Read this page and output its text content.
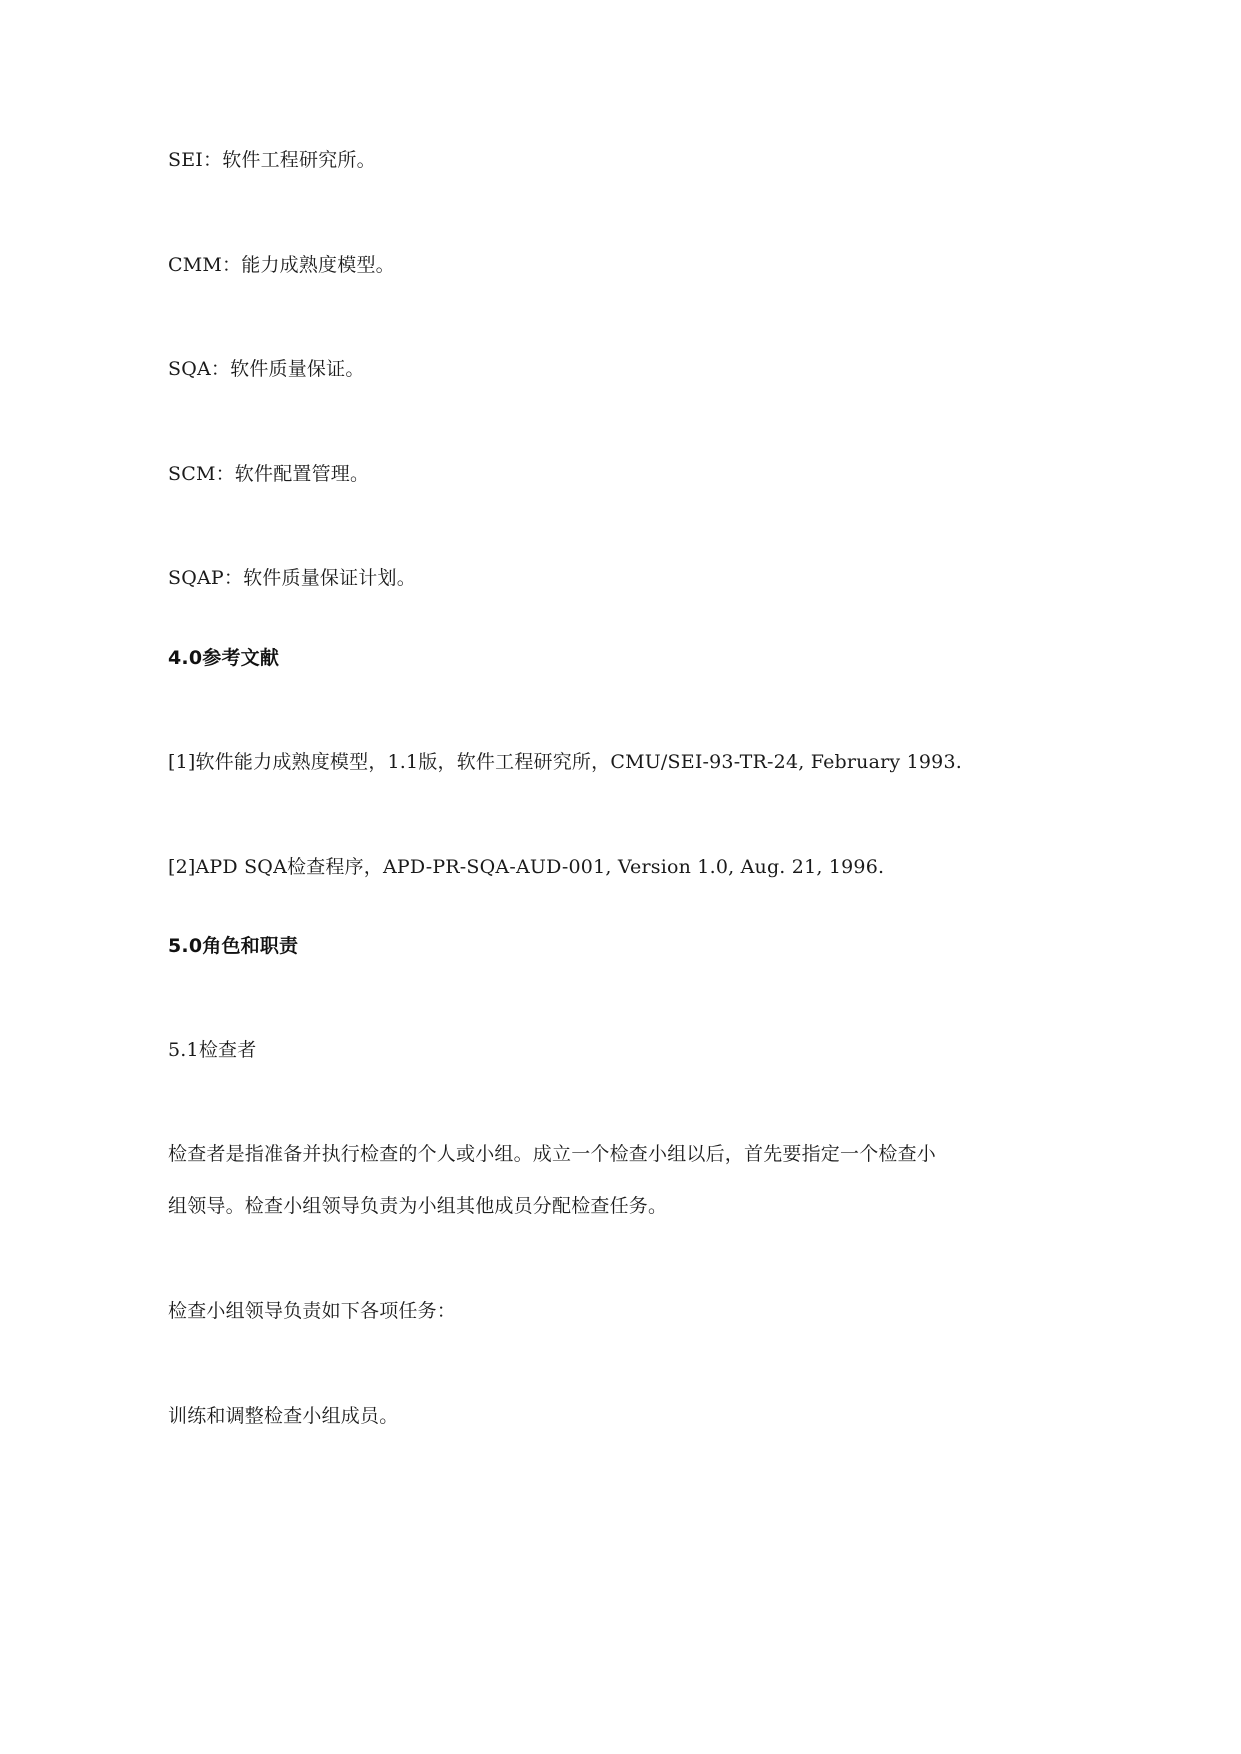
SEI：软件工程研究所。
CMM：能力成熟度模型。
SQA：软件质量保证。
SCM：软件配置管理。
SQAP：软件质量保证计划。
4.0参考文献
[1]软件能力成熟度模型，1.1版，软件工程研究所，CMU/SEI-93-TR-24, February 1993.
[2]APD SQA检查程序，APD-PR-SQA-AUD-001, Version 1.0, Aug. 21, 1996.
5.0角色和职责
5.1检查者
检查者是指准备并执行检查的个人或小组。成立一个检查小组以后，首先要指定一个检查小
组领导。检查小组领导负责为小组其他成员分配检查任务。
检查小组领导负责如下各项任务：
训练和调整检查小组成员。
